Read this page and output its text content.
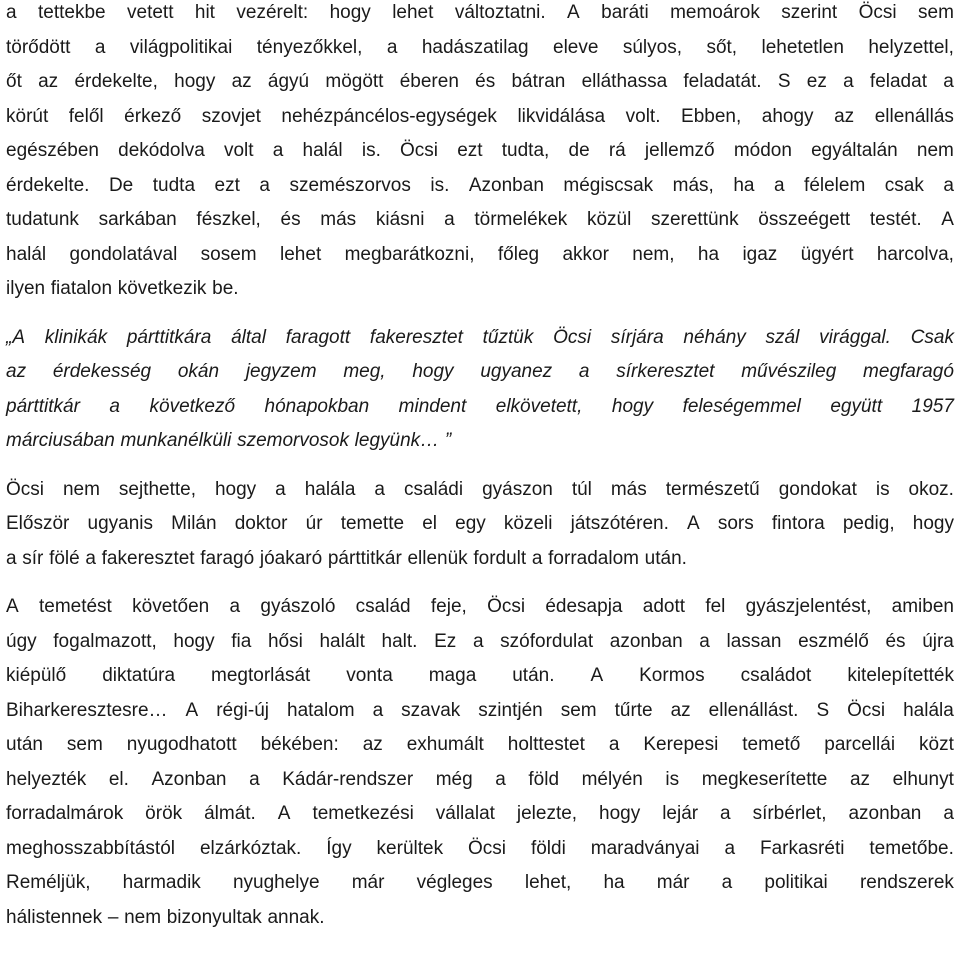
a tettekbe vetett hit vezérelt: hogy lehet változtatni. A baráti memoárok szerint Öcsi sem
törődött a világpolitikai tényezőkkel, a hadászatilag eleve súlyos, sőt, lehetetlen helyzettel,
őt az érdekelte, hogy az ágyú mögött éberen és bátran elláthassa feladatát. S ez a feladat a
körút felől érkező szovjet nehézpáncélos-egységek likvidálása volt. Ebben, ahogy az ellenállás
egészében dekódolva volt a halál is. Öcsi ezt tudta, de rá jellemző módon egyáltalán nem
érdekelte. De tudta ezt a szemészorvos is. Azonban mégiscsak más, ha a félelem csak a
tudatunk sarkában fészkel, és más kiásni a törmelékek közül szerettünk összeégett testét. A
halál gondolatával sosem lehet megbarátkozni, főleg akkor nem, ha igaz ügyért harcolva,
ilyen fiatalon következik be.
„A klinikák párttitkára által faragott fakeresztet tűztük Öcsi sírjára néhány szál virággal. Csak
az érdekesség okán jegyzem meg, hogy ugyanez a sírkeresztet művészileg megfaragó
párttitkár a következő hónapokban mindent elkövetett, hogy feleségemmel együtt 1957
márciusában munkanélküli szemorvosok legyünk… ”
Öcsi nem sejthette, hogy a halála a családi gyászon túl más természetű gondokat is okoz.
Először ugyanis Milán doktor úr temette el egy közeli játszótéren. A sors fintora pedig, hogy
a sír fölé a fakeresztet faragó jóakaró párttitkár ellenük fordult a forradalom után.
A temetést követően a gyászoló család feje, Öcsi édesapja adott fel gyászjelentést, amiben
úgy fogalmazott, hogy fia hősi halált halt. Ez a szófordulat azonban a lassan eszmélő és újra
kiépülő diktatúra megtorlását vonta maga után. A Kormos családot kitelepítették
Biharkeresztesre… A régi-új hatalom a szavak szintjén sem tűrte az ellenállást. S Öcsi halála
után sem nyugodhatott békében: az exhumált holttestet a Kerepesi temető parcellái közt
helyezték el. Azonban a Kádár-rendszer még a föld mélyén is megkeserítette az elhunyt
forradalmárok örök álmát. A temetkezési vállalat jelezte, hogy lejár a sírbérlet, azonban a
meghosszabbítástól elzárkóztak. Így kerültek Öcsi földi maradványai a Farkasréti temetőbe.
Reméljük, harmadik nyughelye már végleges lehet, ha már a politikai rendszerek
hálistennek – nem bizonyultak annak.
